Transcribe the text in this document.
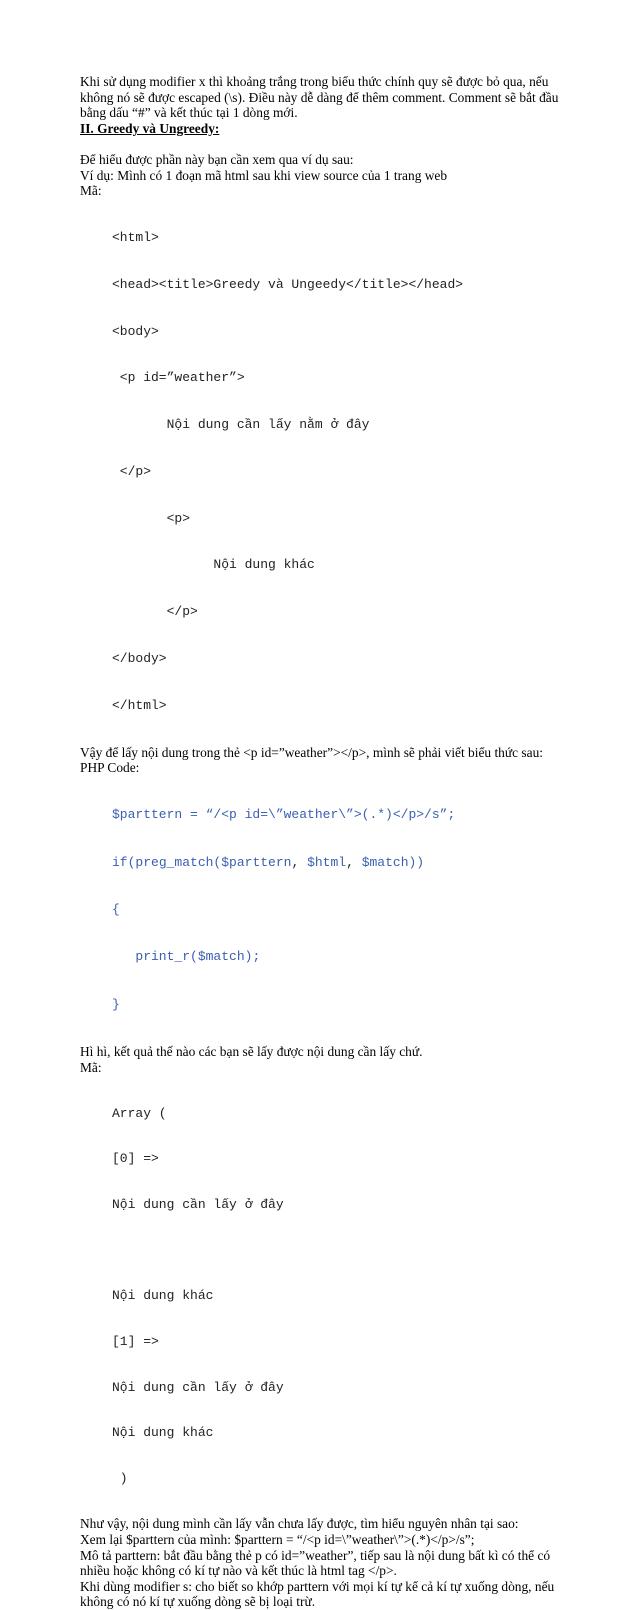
Khi sử dụng modifier x thì khoảng trắng trong biểu thức chính quy sẽ được bỏ qua, nếu
không nó sẽ được escaped (\s). Điều này dễ dàng để thêm comment. Comment sẽ bắt đầu
bằng dấu “#” và kết thúc tại 1 dòng mới.
II. Greedy và Ungreedy:
Để hiểu được phần này bạn cần xem qua ví dụ sau:
Ví dụ: Mình có 1 đoạn mã html sau khi view source của 1 trang web
Mã:

<html>

<head><title>Greedy và Ungeedy</title></head>

<body>

<p id=”weather”>

Nội dung cần lấy nằm ở đây

</p>

<p>

Nội dung khác

</p>

</body>

</html>

Vậy để lấy nội dung trong thẻ <p id=”weather”></p>, mình sẽ phải viết biểu thức sau:
PHP Code:

$parttern = “/<p id=\”weather\”>(.*)</p>/s”;

if(preg_match($parttern, $html, $match))

{

print_r($match);

}

Hì hì, kết quả thế nào các bạn sẽ lấy được nội dung cần lấy chứ.
Mã:

Array (

[0] =>

Nội dung cần lấy ở đây

Nội dung khác

[1] =>

Nội dung cần lấy ở đây

Nội dung khác

)

Như vậy, nội dung mình cần lấy vẫn chưa lấy được, tìm hiểu nguyên nhân tại sao:
Xem lại $parttern của mình: $parttern = “/<p id=\”weather\”>(.*)</p>/s”;
Mô tả parttern: bắt đầu bằng thẻ p có id=”weather”, tiếp sau là nội dung bất kì có thể có
nhiều hoặc không có kí tự nào và kết thúc là html tag </p>.
Khi dùng modifier s: cho biết so khớp parttern với mọi kí tự kể cả kí tự xuống dòng, nếu
không có nó kí tự xuống dòng sẽ bị loại trừ.
